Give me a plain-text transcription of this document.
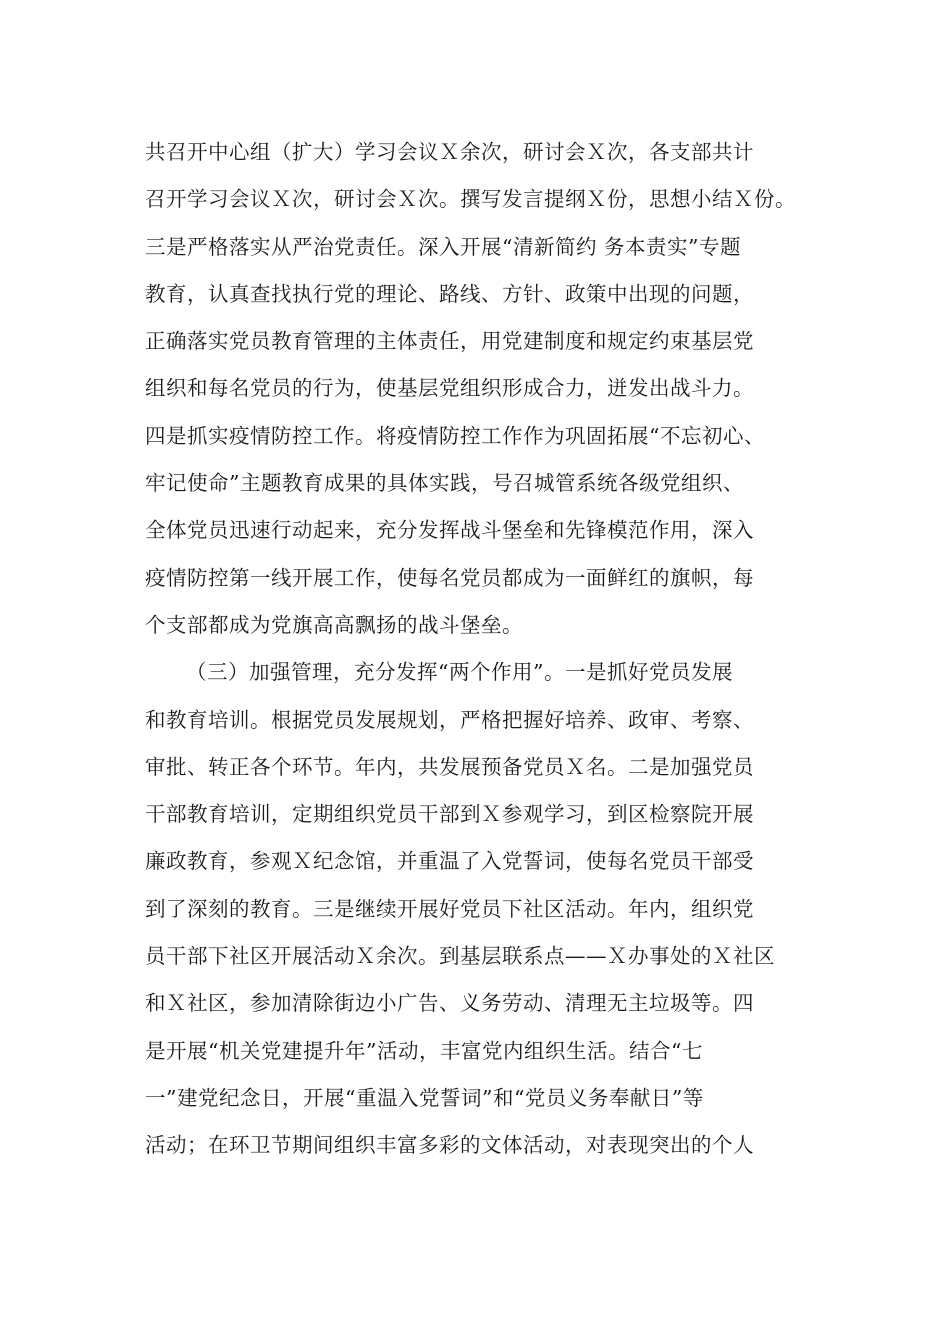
共召开中心组（扩大）学习会议Ｘ余次，研讨会Ｘ次，各支部共计
召开学习会议Ｘ次，研讨会Ｘ次。撰写发言提纲Ｘ份，思想小结Ｘ份。
三是严格落实从严治党责任。深入开展“清新简约 务本责实”专题
教育，认真查找执行党的理论、路线、方针、政策中出现的问题，
正确落实党员教育管理的主体责任，用党建制度和规定约束基层党
组织和每名党员的行为，使基层党组织形成合力，迸发出战斗力。
四是抓实疫情防控工作。将疫情防控工作作为巩固拓展“不忘初心、
牢记使命”主题教育成果的具体实践，号召城管系统各级党组织、
全体党员迅速行动起来，充分发挥战斗堡垒和先锋模范作用，深入
疫情防控第一线开展工作，使每名党员都成为一面鲜红的旗帜，每
个支部都成为党旗高高飘扬的战斗堡垒。
（三）加强管理，充分发挥“两个作用”。一是抓好党员发展
和教育培训。根据党员发展规划，严格把握好培养、政审、考察、
审批、转正各个环节。年内，共发展预备党员Ｘ名。二是加强党员
干部教育培训，定期组织党员干部到Ｘ参观学习，到区检察院开展
廉政教育，参观Ｘ纪念馆，并重温了入党誓词，使每名党员干部受
到了深刻的教育。三是继续开展好党员下社区活动。年内，组织党
员干部下社区开展活动Ｘ余次。到基层联系点——Ｘ办事处的Ｘ社区
和Ｘ社区，参加清除街边小广告、义务劳动、清理无主垃圾等。四
是开展“机关党建提升年”活动，丰富党内组织生活。结合“七
一”建党纪念日，开展“重温入党誓词”和“党员义务奉献日”等
活动；在环卫节期间组织丰富多彩的文体活动，对表现突出的个人
